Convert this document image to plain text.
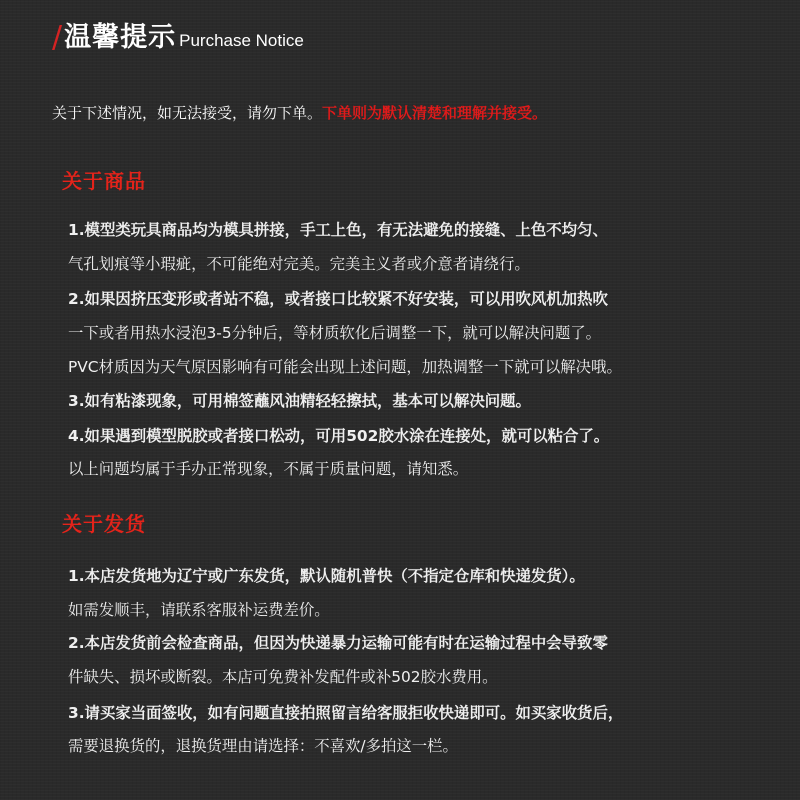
/ 温馨提示 Purchase Notice
关于下述情况，如无法接受，请勿下单。下单则为默认清楚和理解并接受。
关于商品
1.模型类玩具商品均为模具拼接，手工上色，有无法避免的接缝、上色不均匀、
气孔划痕等小瑕疵，不可能绝对完美。完美主义者或介意者请绕行。
2.如果因挤压变形或者站不稳，或者接口比较紧不好安装，可以用吹风机加热吹
一下或者用热水浸泡3-5分钟后，等材质软化后调整一下，就可以解决问题了。
PVC材质因为天气原因影响有可能会出现上述问题，加热调整一下就可以解决哦。
3.如有粘漆现象，可用棉签蘸风油精轻轻擦拭，基本可以解决问题。
4.如果遇到模型脱胶或者接口松动，可用502胶水涂在连接处，就可以粘合了。
以上问题均属于手办正常现象，不属于质量问题，请知悉。
关于发货
1.本店发货地为辽宁或广东发货，默认随机普快（不指定仓库和快递发货）。
如需发顺丰，请联系客服补运费差价。
2.本店发货前会检查商品，但因为快递暴力运输可能有时在运输过程中会导致零
件缺失、损坏或断裂。本店可免费补发配件或补502胶水费用。
3.请买家当面签收，如有问题直接拍照留言给客服拒收快递即可。如买家收货后，
需要退换货的，退换货理由请选择：不喜欢/多拍这一栏。
